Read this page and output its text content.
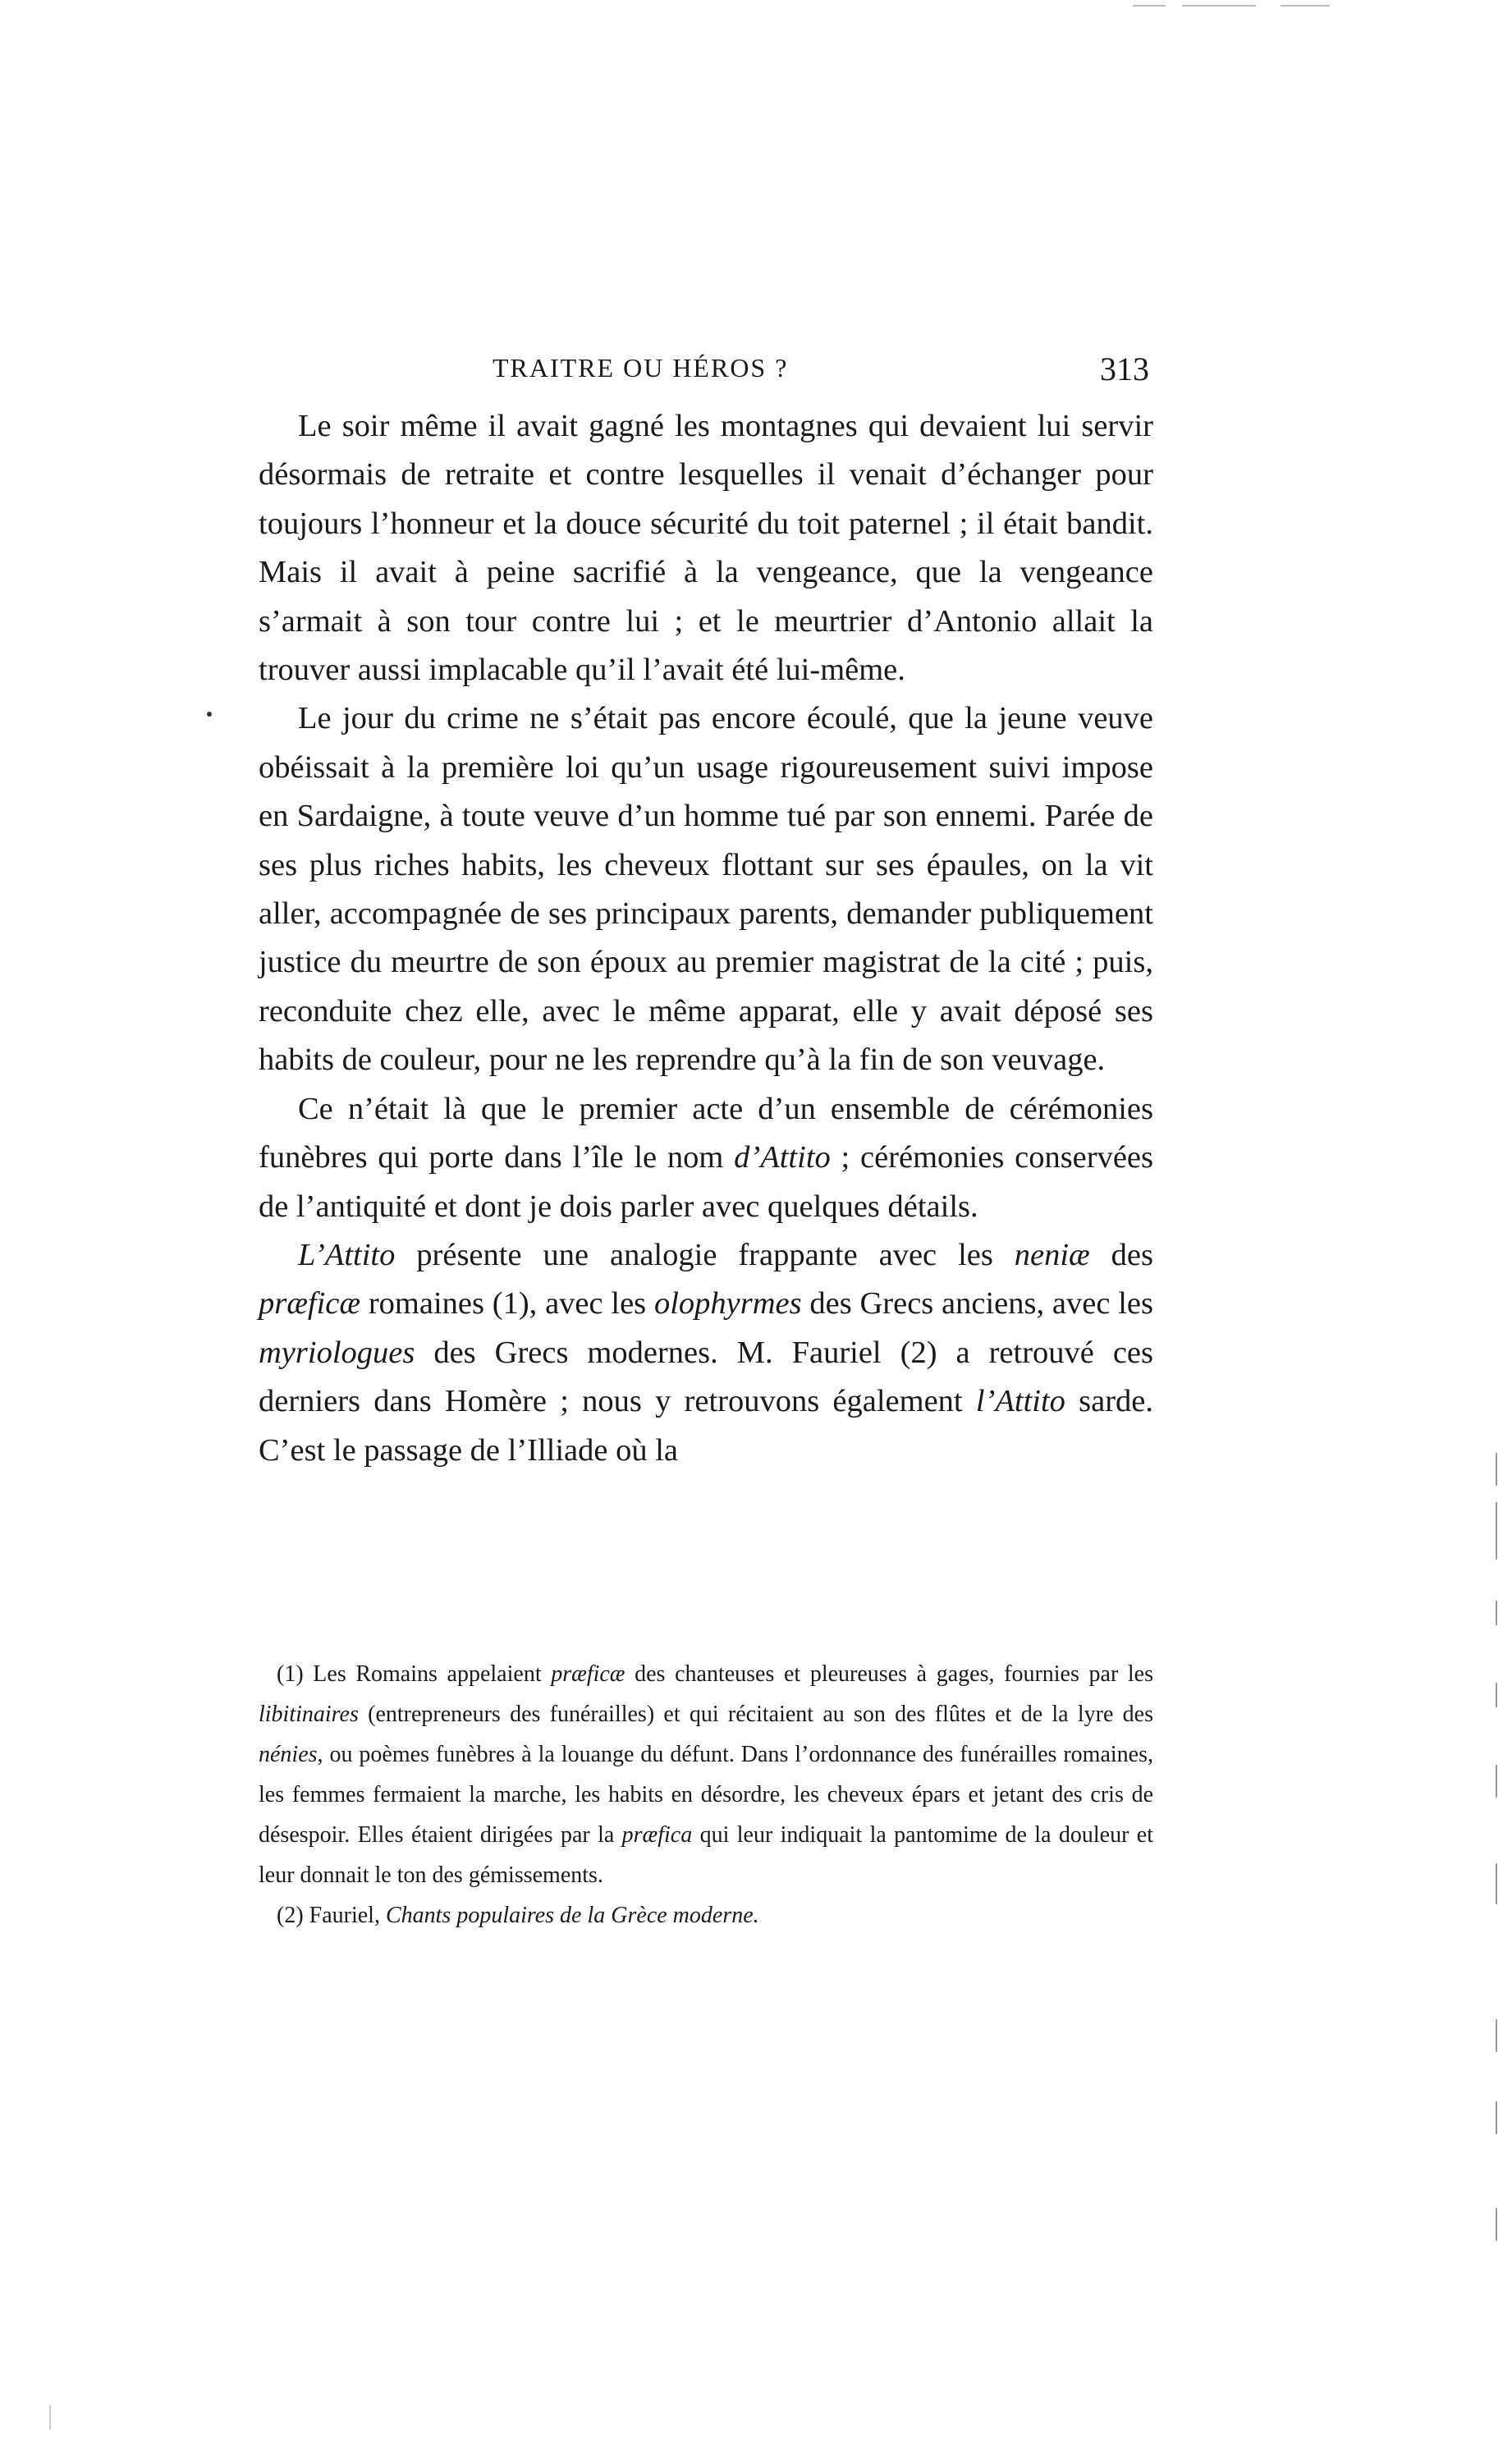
TRAITRE OU HÉROS ?	313

Le soir même il avait gagné les montagnes qui devaient lui servir désormais de retraite et contre lesquelles il venait d’échanger pour toujours l’honneur et la douce sécurité du toit paternel ; il était bandit. Mais il avait à peine sacrifié à la vengeance, que la vengeance s’armait à son tour contre lui ; et le meurtrier d’Antonio allait la trouver aussi implacable qu’il l’avait été lui-même.

Le jour du crime ne s’était pas encore écoulé, que la jeune veuve obéissait à la première loi qu’un usage rigoureusement suivi impose en Sardaigne, à toute veuve d’un homme tué par son ennemi. Parée de ses plus riches habits, les cheveux flottant sur ses épaules, on la vit aller, accompagnée de ses principaux parents, demander publiquement justice du meurtre de son époux au premier magistrat de la cité ; puis, reconduite chez elle, avec le même apparat, elle y avait déposé ses habits de couleur, pour ne les reprendre qu’à la fin de son veuvage.

Ce n’était là que le premier acte d’un ensemble de cérémonies funèbres qui porte dans l’île le nom d’Attito ; cérémonies conservées de l’antiquité et dont je dois parler avec quelques détails.

L’Attito présente une analogie frappante avec les neniæ des præficæ romaines (1), avec les olophyrmes des Grecs anciens, avec les myriologues des Grecs modernes. M. Fauriel (2) a retrouvé ces derniers dans Homère ; nous y retrouvons également l’Attito sarde. C’est le passage de l’Illiade où la

(1) Les Romains appelaient præficæ des chanteuses et pleureuses à gages, fournies par les libitinaires (entrepreneurs des funérailles) et qui récitaient au son des flûtes et de la lyre des nénies, ou poèmes funèbres à la louange du défunt. Dans l’ordonnance des funérailles romaines, les femmes fermaient la marche, les habits en désordre, les cheveux épars et jetant des cris de désespoir. Elles étaient dirigées par la præfica qui leur indiquait la pantomime de la douleur et leur donnait le ton des gémissements.

(2) Fauriel, Chants populaires de la Grèce moderne.
